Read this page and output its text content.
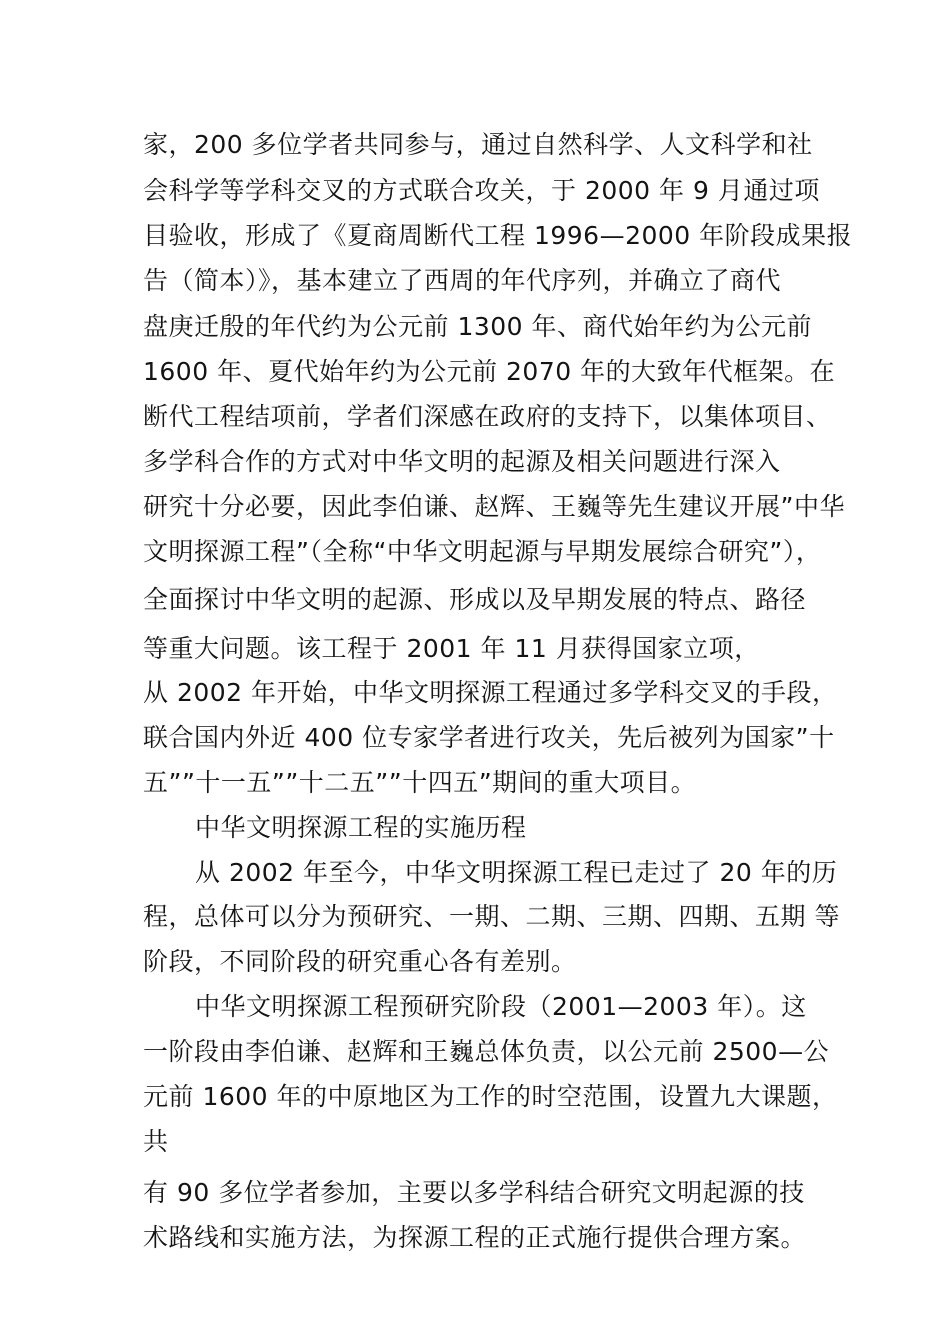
家，200 多位学者共同参与，通过自然科学、人文科学和社
会科学等学科交叉的方式联合攻关，于 2000 年 9 月通过项
目验收，形成了《夏商周断代工程 1996—2000 年阶段成果报
告（简本）》，基本建立了西周的年代序列，并确立了商代
盘庚迁殷的年代约为公元前 1300 年、商代始年约为公元前
1600 年、夏代始年约为公元前 2070 年的大致年代框架。在
断代工程结项前，学者们深感在政府的支持下，以集体项目、
多学科合作的方式对中华文明的起源及相关问题进行深入
研究十分必要，因此李伯谦、赵辉、王巍等先生建议开展”中华
文明探源工程”（全称“中华文明起源与早期发展综合研究”），
全面探讨中华文明的起源、形成以及早期发展的特点、路径
等重大问题。该工程于 2001 年 11 月获得国家立项，
从 2002 年开始，中华文明探源工程通过多学科交叉的手段，
联合国内外近 400 位专家学者进行攻关，先后被列为国家”十
五””十一五””十二五””十四五”期间的重大项目。
中华文明探源工程的实施历程
从 2002 年至今，中华文明探源工程已走过了 20 年的历
程，总体可以分为预研究、一期、二期、三期、四期、五期 等
阶段，不同阶段的研究重心各有差别。
中华文明探源工程预研究阶段（2001—2003 年）。这
一阶段由李伯谦、赵辉和王巍总体负责，以公元前 2500—公
元前 1600 年的中原地区为工作的时空范围，设置九大课题，
共
有 90 多位学者参加，主要以多学科结合研究文明起源的技
术路线和实施方法，为探源工程的正式施行提供合理方案。
